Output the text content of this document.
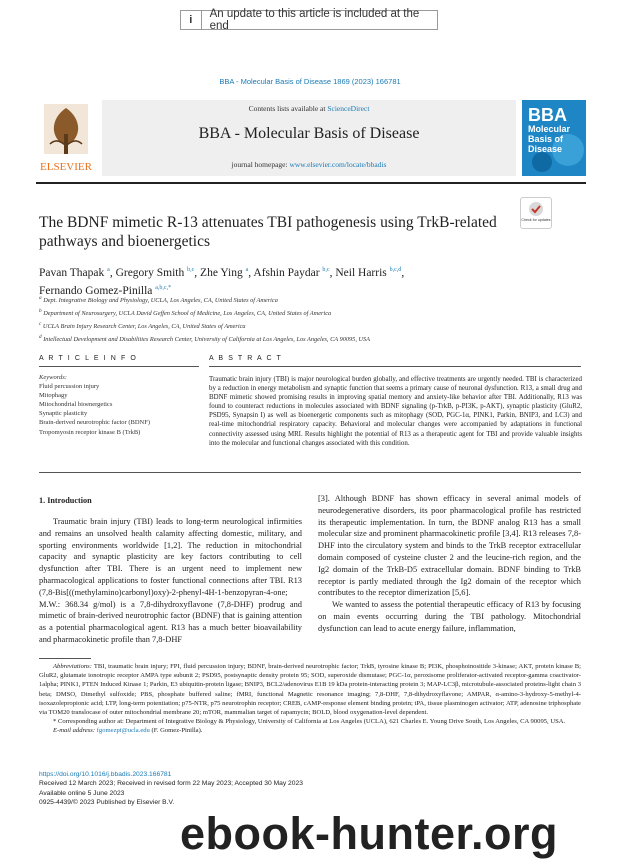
i	An update to this article is included at the end
BBA - Molecular Basis of Disease 1869 (2023) 166781
ELSEVIER
Contents lists available at ScienceDirect
BBA - Molecular Basis of Disease
journal homepage: www.elsevier.com/locate/bbadis
BBA
Molecular
Basis of
Disease
The BDNF mimetic R-13 attenuates TBI pathogenesis using TrkB-related pathways and bioenergetics
Check for updates
Pavan Thapak $^a$, Gregory Smith $^{b,c}$, Zhe Ying $^a$, Afshin Paydar $^{b,c}$, Neil Harris $^{b,c,d}$,
Fernando Gomez-Pinilla $^{a,b,c,*}$
$^a$ Dept. Integrative Biology and Physiology, UCLA, Los Angeles, CA, United States of America
$^b$ Department of Neurosurgery, UCLA David Geffen School of Medicine, Los Angeles, CA, United States of America
$^c$ UCLA Brain Injury Research Center, Los Angeles, CA, United States of America
$^d$ Intellectual Development and Disabilities Research Center, University of California at Los Angeles, Los Angeles, CA 90095, USA
A R T I C L E I N F O	A B S T R A C T
Keywords:
Fluid percussion injury
Mitophagy
Mitochondrial bioenergetics
Synaptic plasticity
Brain-derived neurotrophic factor (BDNF)
Tropomyosin receptor kinase B (TrkB)
Traumatic brain injury (TBI) is major neurological burden globally, and effective treatments are urgently needed. TBI is characterized by a reduction in energy metabolism and synaptic function that seems a primary cause of neuronal dysfunction. R13, a small drug and BDNF mimetic showed promising results in improving spatial memory and anxiety-like behavior after TBI. Additionally, R13 was found to counteract reductions in molecules associated with BDNF signaling (p-TrkB, p-PI3K, p-AKT), synaptic plasticity (GluR2, PSD95, Synapsin I) as well as bioenergetic components such as mitophagy (SOD, PGC-1α, PINK1, Parkin, BNIP3, and LC3) and real-time mitochondrial respiratory capacity. Behavioral and molecular changes were accompanied by adaptations in functional connectivity assessed using MRI. Results highlight the potential of R13 as a therapeutic agent for TBI and provide valuable insights into the molecular and functional changes associated with this condition.
1. Introduction
Traumatic brain injury (TBI) leads to long-term neurological infirmities and remains an unsolved health calamity affecting domestic, military, and sporting environments worldwide [1,2]. The reduction in mitochondrial capacity and synaptic plasticity are key factors contributing to cell dysfunction after TBI. There is an urgent need to implement new pharmacological applications to foster functional connections after TBI. R13 (7,8-Bis[((methylamino)carbonyl)oxy)-2-phenyl-4H-1-benzopyran-4-one; M.W.: 368.34 g/mol) is a 7,8-dihydroxyflavone (7,8-DHF) prodrug and mimetic of brain-derived neurotrophic factor (BDNF) that is gaining attention as a potential pharmacological agent. R13 has a much better bioavailability and pharmacokinetic profile than 7,8-DHF

[3]. Although BDNF has shown efficacy in several animal models of neurodegenerative disorders, its poor pharmacological profile has restricted its therapeutic implementation. In turn, the BDNF analog R13 has a small molecular size and prominent pharmacokinetic profile [3,4]. R13 releases 7,8-DHF into the circulatory system and binds to the TrkB receptor extracellular domain composed of cysteine cluster 2 and the leucine-rich region, and the Ig2 domain of the TrkB-D5 extracellular domain. BDNF binding to TrkB receptor is partly mediated through the Ig2 domain of the receptor which contributes to the receptor dimerization [5,6].

We wanted to assess the potential therapeutic efficacy of R13 by focusing on main events occurring during the TBI pathology. Mitochondrial dysfunction can lead to acute energy failure, inflammation,

Abbreviations: TBI, traumatic brain injury; FPI, fluid percussion injury; BDNF, brain-derived neurotrophic factor; TrkB, tyrosine kinase B; PI3K, phosphoinositide 3-kinase; AKT, protein kinase B; GluR2, glutamate ionotropic receptor AMPA type subunit 2; PSD95, postsynaptic density protein 95; SOD, superoxide dismutase; PGC-1α, peroxisome proliferator-activated receptor-gamma coactivator-1alpha; PINK1, PTEN Induced Kinase 1; Parkin, E3 ubiquitin-protein ligase; BNIP3, BCL2/adenovirus E1B 19 kDa protein-interacting protein 3; MAP-LC3β, microtubule-associated proteins-light chain 3 beta; DMSO, Dimethyl sulfoxide; PBS, phosphate buffered saline; fMRI, functional Magnetic resonance imaging; 7,8-DHF, 7,8-dihydroxyflavone; AMPAR, α-amino-3-hydroxy-5-methyl-4-isoxazolepropionic acid; LTP, long-term potentiation; p75-NTR, p75 neurotrophin receptor; CREB, cAMP-response element binding protein; tPA, tissue plasminogen activator; ATP, adenosine triphosphate via TOM20 translocase of outer mitochondrial membrane 20; mTOR, mammalian target of rapamycin; BOLD, blood oxygenation-level dependent.

* Corresponding author at: Department of Integrative Biology & Physiology, University of California at Los Angeles (UCLA), 621 Charles E. Young Drive South, Los Angeles, CA 90095, USA.

E-mail address: fgomezpi@ucla.edu (F. Gomez-Pinilla).

https://doi.org/10.1016/j.bbadis.2023.166781
Received 12 March 2023; Received in revised form 22 May 2023; Accepted 30 May 2023
Available online 5 June 2023
0925-4439/© 2023 Published by Elsevier B.V.
ebook-hunter.org
